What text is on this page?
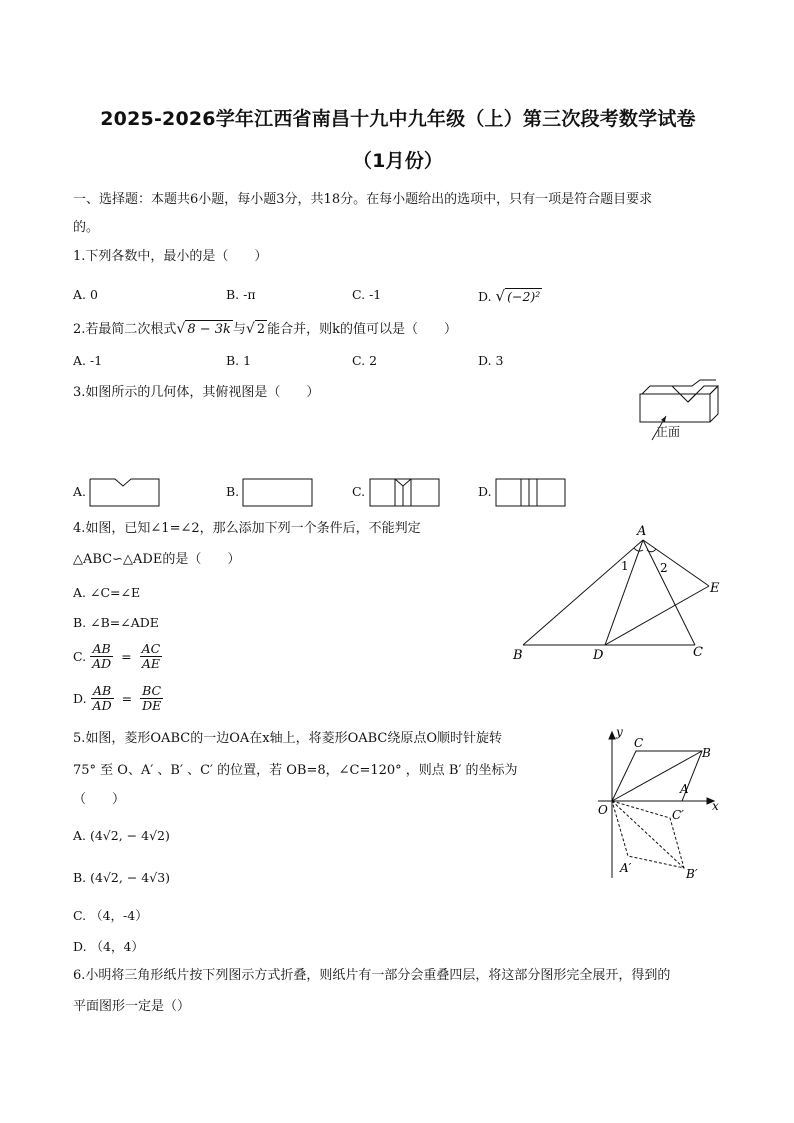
2025-2026学年江西省南昌十九中九年级（上）第三次段考数学试卷
（1月份）
一、选择题：本题共6小题，每小题3分，共18分。在每小题给出的选项中，只有一项是符合题目要求
的。
1.下列各数中，最小的是（　　）
A. 0	B. -π	C. -1	D. √ (−2)²
2.若最简二次根式√ 8 − 3k 与√ 2 能合并，则k的值可以是（　　）
A. -1	B. 1	C. 2	D. 3
3.如图所示的几何体，其俯视图是（　　）
正面
A.	B.	C.	D.
4.如图，已知∠1=∠2，那么添加下列一个条件后，不能判定
△ABC∽△ADE的是（　　）
A. ∠C=∠E
B. ∠B=∠ADE
C. $\frac{AB}{AD} = \frac{AC}{AE}$
D. $\frac{AB}{AD} = \frac{BC}{DE}$
A
B	C
D
E
1	2
5.如图，菱形OABC的一边OA在x轴上，将菱形OABC绕原点O顺时针旋转
75° 至 O、A′ 、B′ 、C′ 的位置，若 OB=8，∠C=120° ，则点 B′ 的坐标为
（　　）
A. (4√2, − 4√2)
B. (4√2, − 4√3)
C. （4，-4）
D. （4，4）
y
x
O
A
B
C
C′
B′
A′
6.小明将三角形纸片按下列图示方式折叠，则纸片有一部分会重叠四层，将这部分图形完全展开，得到的
平面图形一定是（）
